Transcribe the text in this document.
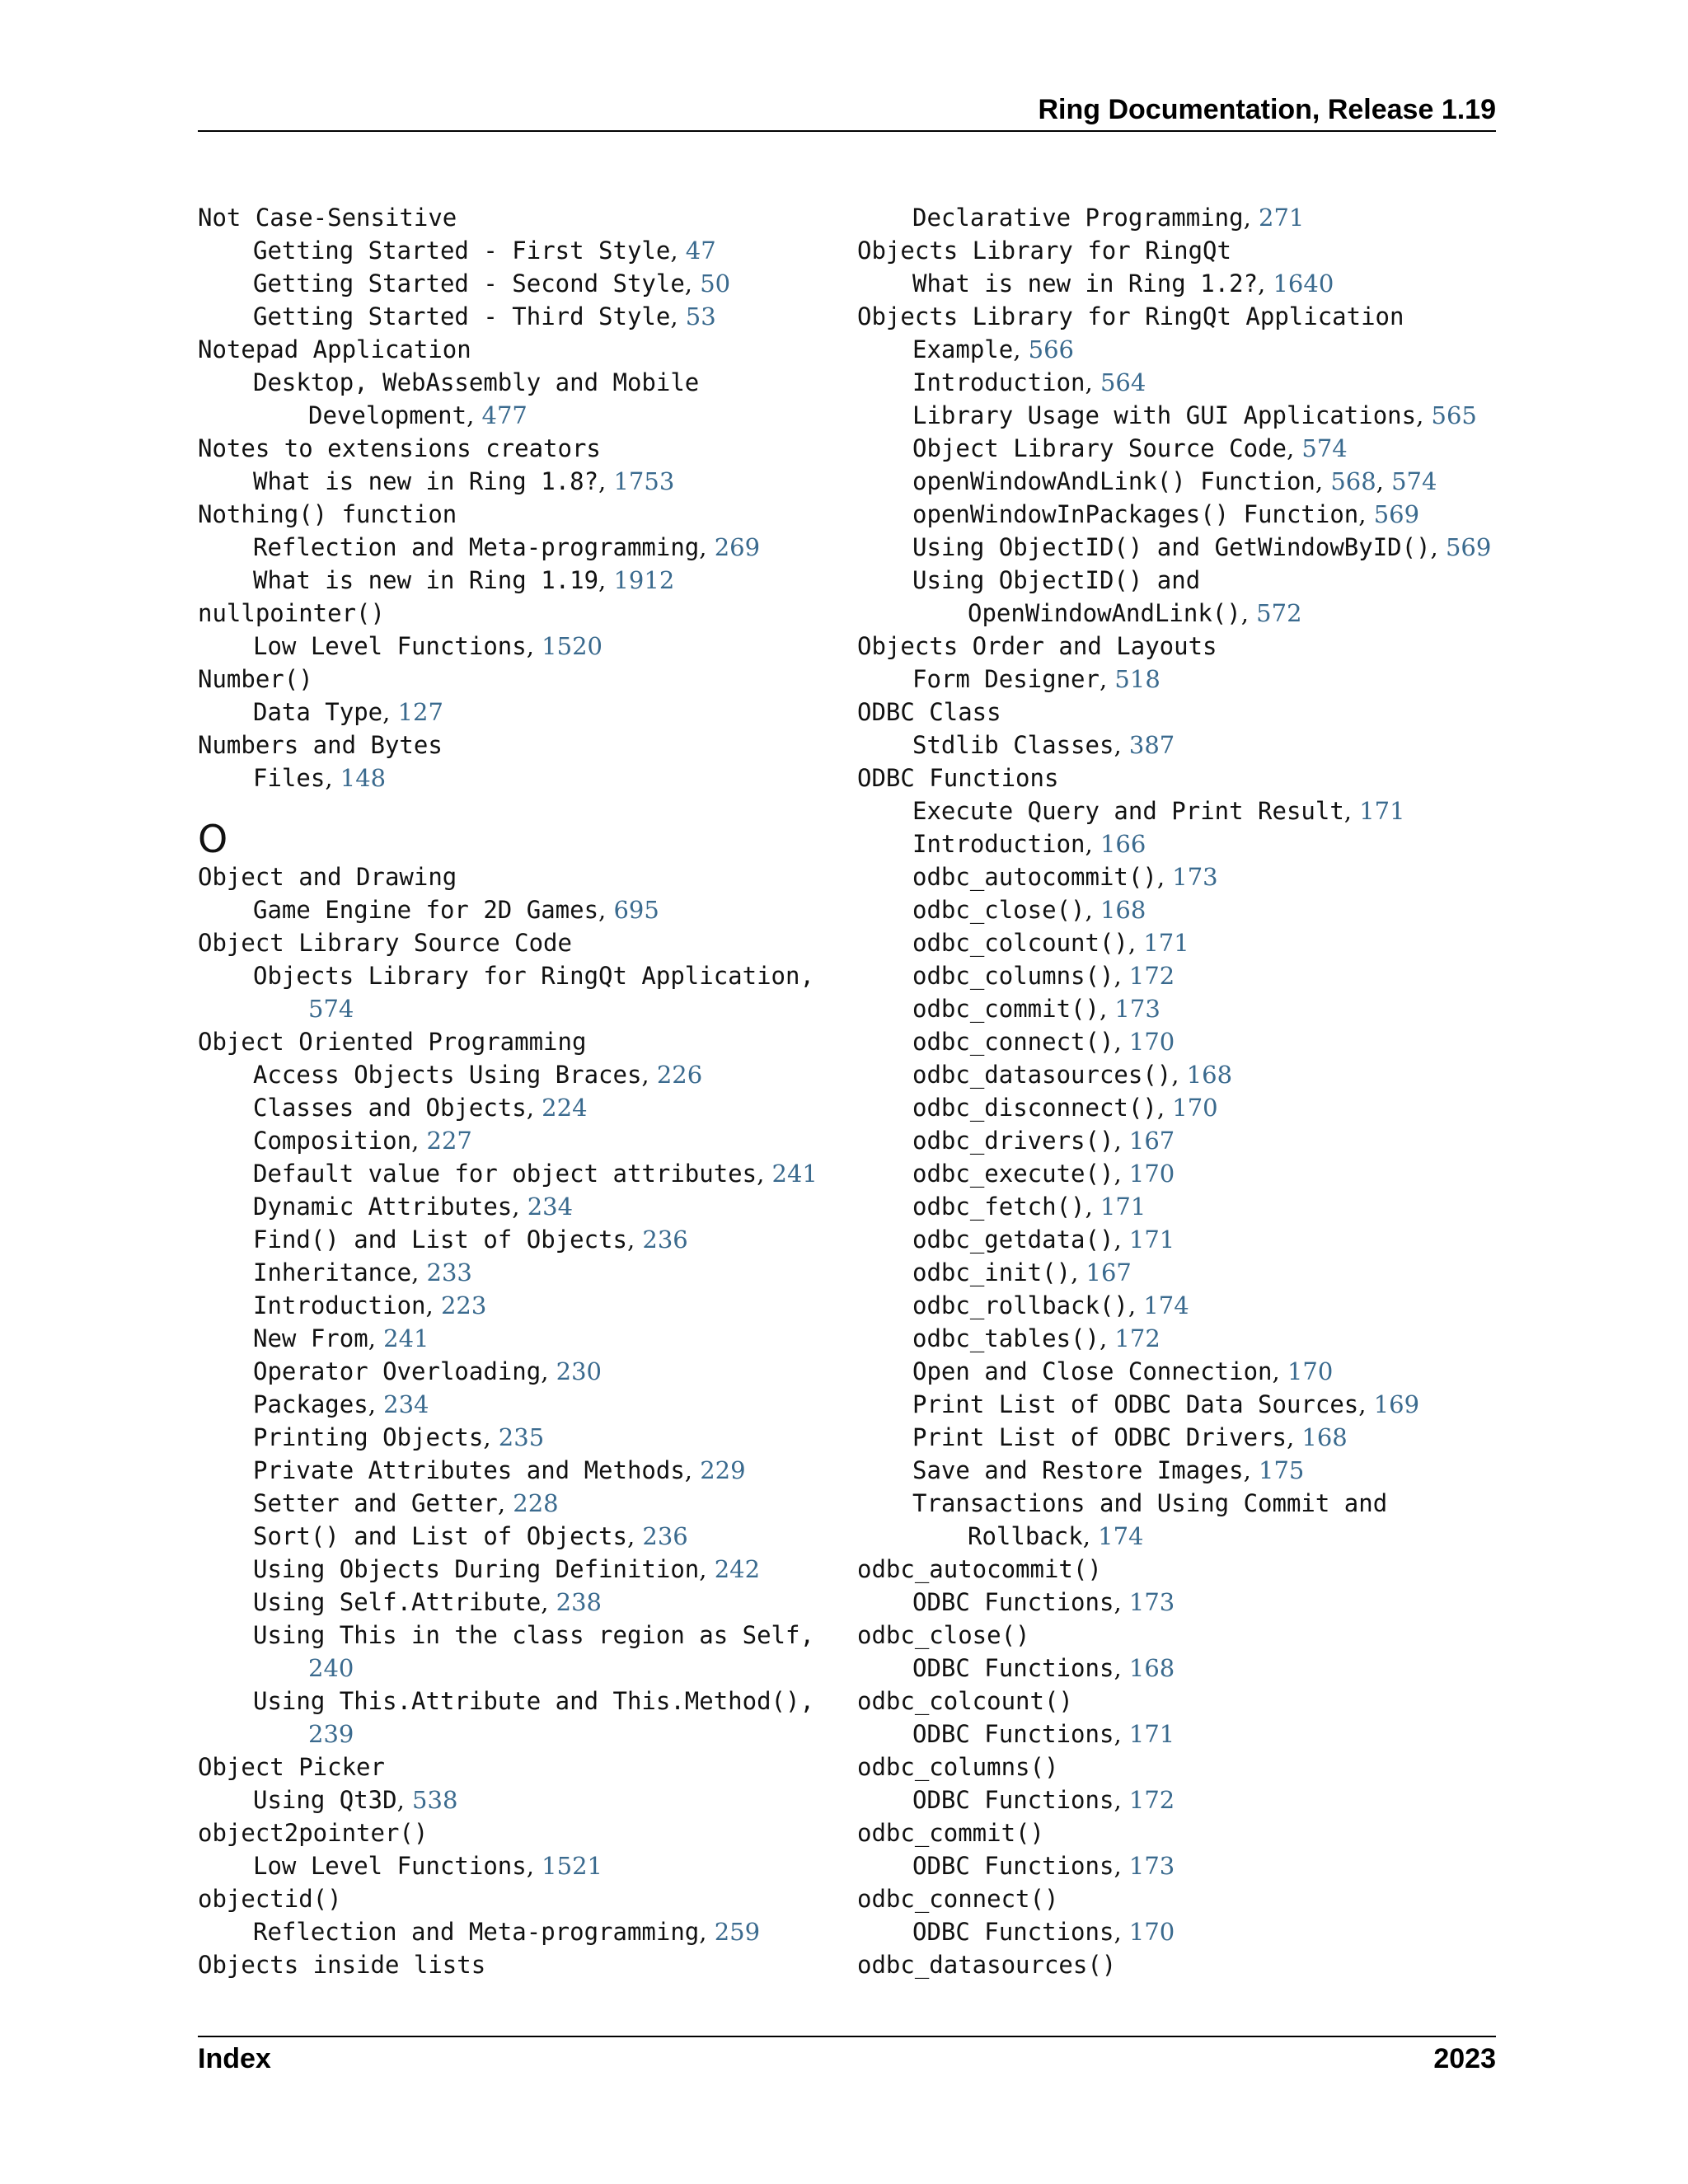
Ring Documentation, Release 1.19
Not Case-Sensitive
Getting Started - First Style, 47
Getting Started - Second Style, 50
Getting Started - Third Style, 53
Notepad Application
Desktop, WebAssembly and Mobile
Development, 477
Notes to extensions creators
What is new in Ring 1.8?, 1753
Nothing() function
Reflection and Meta-programming, 269
What is new in Ring 1.19, 1912
nullpointer()
Low Level Functions, 1520
Number()
Data Type, 127
Numbers and Bytes
Files, 148
O
Object and Drawing
Game Engine for 2D Games, 695
Object Library Source Code
Objects Library for RingQt Application,
574
Object Oriented Programming
Access Objects Using Braces, 226
Classes and Objects, 224
Composition, 227
Default value for object attributes, 241
Dynamic Attributes, 234
Find() and List of Objects, 236
Inheritance, 233
Introduction, 223
New From, 241
Operator Overloading, 230
Packages, 234
Printing Objects, 235
Private Attributes and Methods, 229
Setter and Getter, 228
Sort() and List of Objects, 236
Using Objects During Definition, 242
Using Self.Attribute, 238
Using This in the class region as Self,
240
Using This.Attribute and This.Method(),
239
Object Picker
Using Qt3D, 538
object2pointer()
Low Level Functions, 1521
objectid()
Reflection and Meta-programming, 259
Objects inside lists
Declarative Programming, 271
Objects Library for RingQt
What is new in Ring 1.2?, 1640
Objects Library for RingQt Application
Example, 566
Introduction, 564
Library Usage with GUI Applications, 565
Object Library Source Code, 574
openWindowAndLink() Function, 568, 574
openWindowInPackages() Function, 569
Using ObjectID() and GetWindowByID(), 569
Using ObjectID() and
OpenWindowAndLink(), 572
Objects Order and Layouts
Form Designer, 518
ODBC Class
Stdlib Classes, 387
ODBC Functions
Execute Query and Print Result, 171
Introduction, 166
odbc_autocommit(), 173
odbc_close(), 168
odbc_colcount(), 171
odbc_columns(), 172
odbc_commit(), 173
odbc_connect(), 170
odbc_datasources(), 168
odbc_disconnect(), 170
odbc_drivers(), 167
odbc_execute(), 170
odbc_fetch(), 171
odbc_getdata(), 171
odbc_init(), 167
odbc_rollback(), 174
odbc_tables(), 172
Open and Close Connection, 170
Print List of ODBC Data Sources, 169
Print List of ODBC Drivers, 168
Save and Restore Images, 175
Transactions and Using Commit and
Rollback, 174
odbc_autocommit()
ODBC Functions, 173
odbc_close()
ODBC Functions, 168
odbc_colcount()
ODBC Functions, 171
odbc_columns()
ODBC Functions, 172
odbc_commit()
ODBC Functions, 173
odbc_connect()
ODBC Functions, 170
odbc_datasources()
Index	2023
